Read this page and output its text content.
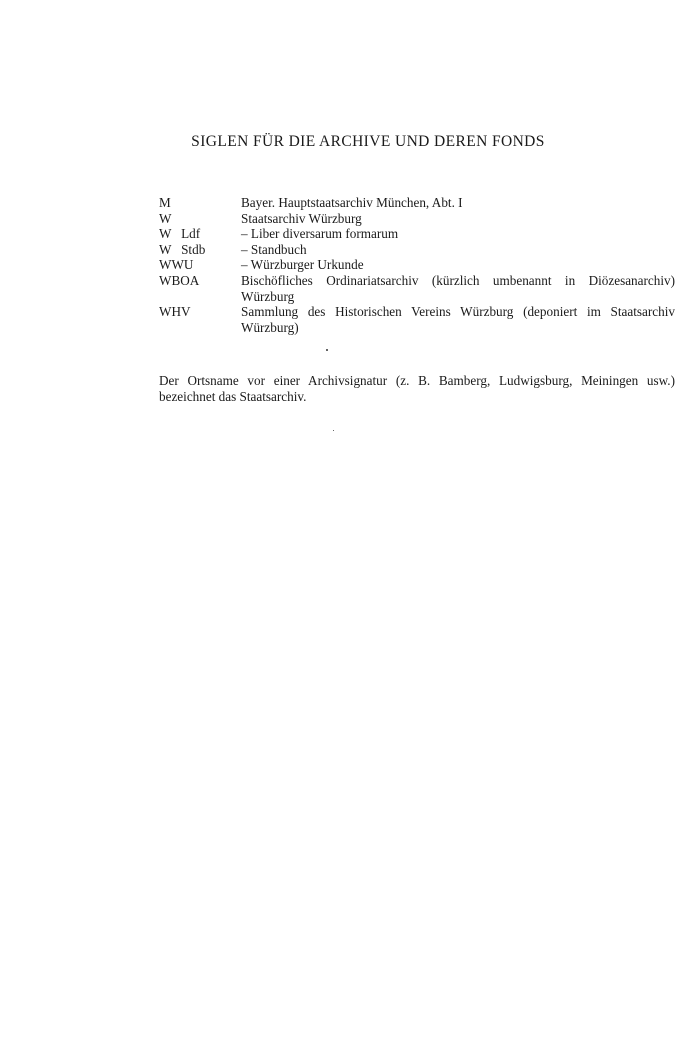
SIGLEN FÜR DIE ARCHIVE UND DEREN FONDS
M	Bayer. Hauptstaatsarchiv München, Abt. I
W	Staatsarchiv Würzburg
W   Ldf	– Liber diversarum formarum
W   Stdb	– Standbuch
WWU	– Würzburger Urkunde
WBOA	Bischöfliches Ordinariatsarchiv (kürzlich umbenannt in Diözesanarchiv) Würzburg
WHV	Sammlung des Historischen Vereins Würzburg (deponiert im Staatsarchiv Würzburg)

Der Ortsname vor einer Archivsignatur (z. B. Bamberg, Ludwigsburg, Meiningen usw.) bezeichnet das Staatsarchiv.
